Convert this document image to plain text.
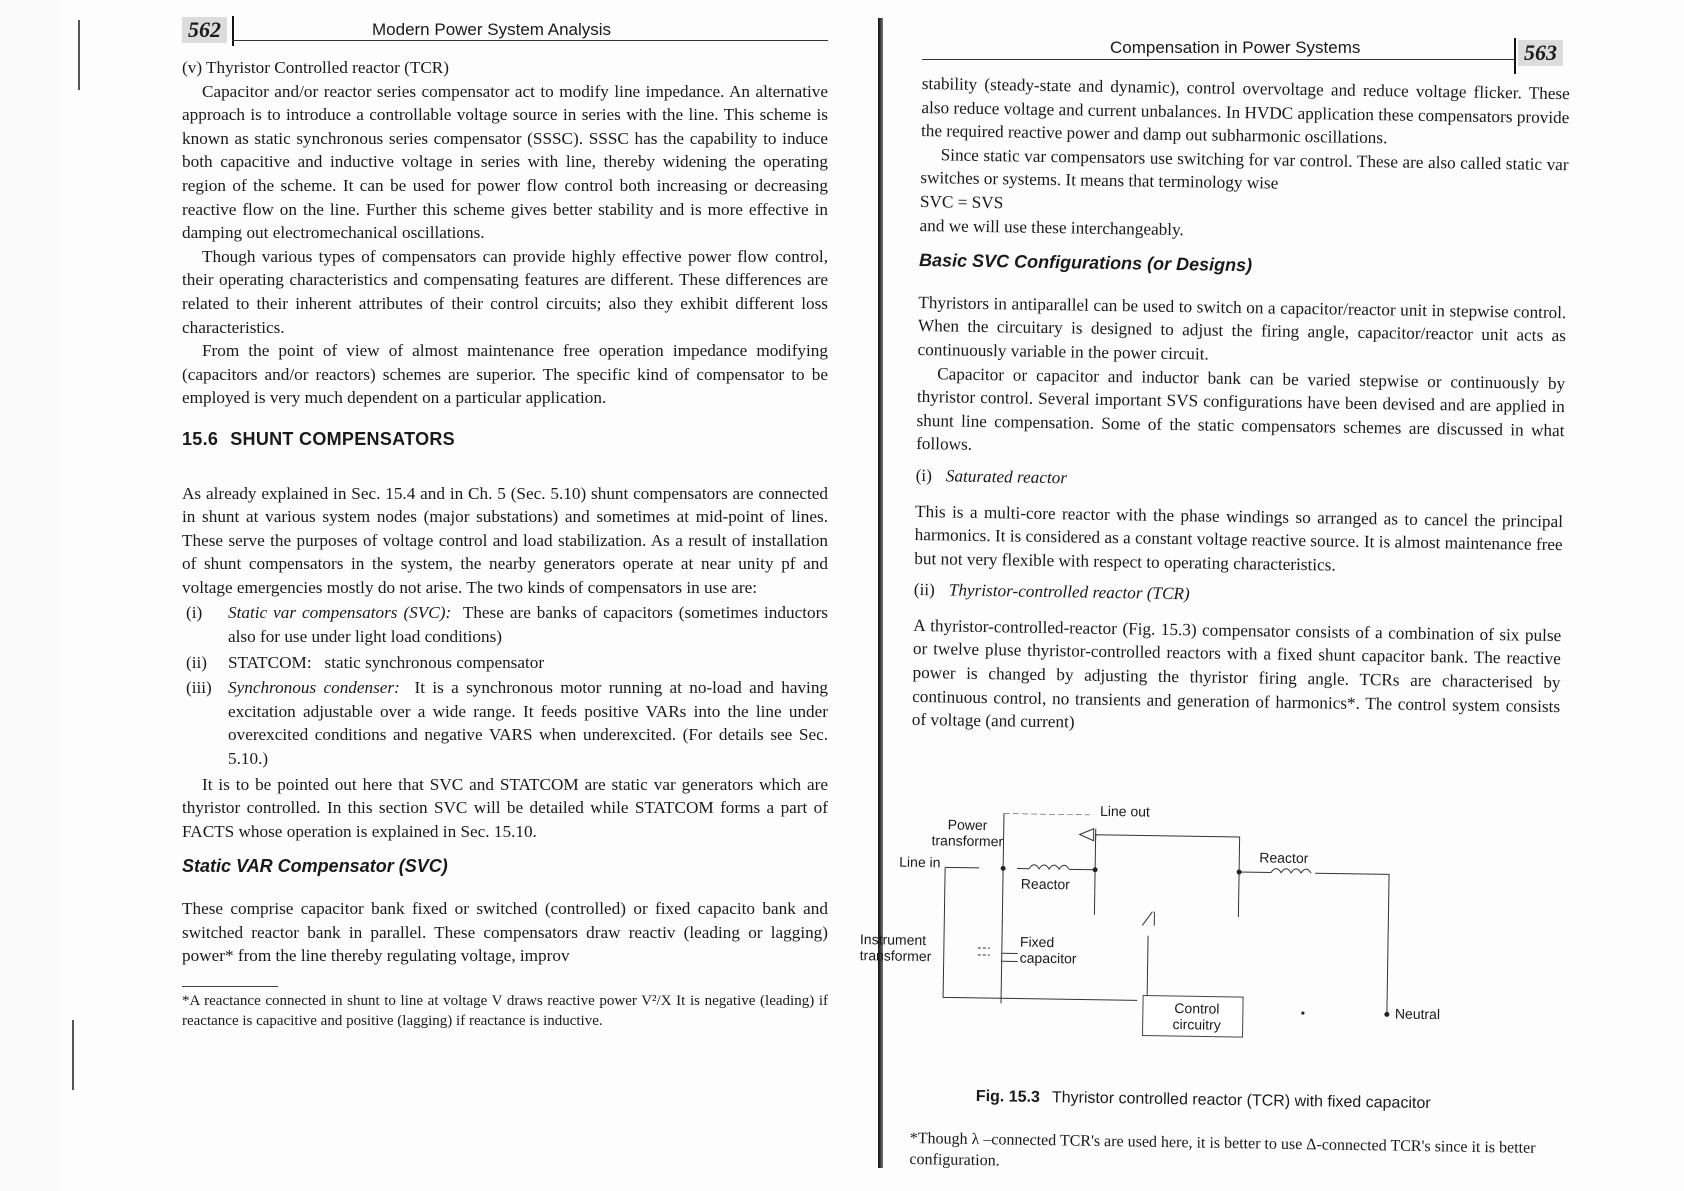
562	Modern Power System Analysis
Compensation in Power Systems	563

(v) Thyristor Controlled reactor (TCR)

Capacitor and/or reactor series compensator act to modify line impedance. An alternative approach is to introduce a controllable voltage source in series with the line. This scheme is known as static synchronous series compensator (SSSC). SSSC has the capability to induce both capacitive and inductive voltage in series with line, thereby widening the operating region of the scheme. It can be used for power flow control both increasing or decreasing reactive flow on the line. Further this scheme gives better stability and is more effective in damping out electromechanical oscillations.

Though various types of compensators can provide highly effective power flow control, their operating characteristics and compensating features are different. These differences are related to their inherent attributes of their control circuits; also they exhibit different loss characteristics.

From the point of view of almost maintenance free operation impedance modifying (capacitors and/or reactors) schemes are superior. The specific kind of compensator to be employed is very much dependent on a particular application.

15.6 SHUNT COMPENSATORS

As already explained in Sec. 15.4 and in Ch. 5 (Sec. 5.10) shunt compensators are connected in shunt at various system nodes (major substations) and sometimes at mid-point of lines. These serve the purposes of voltage control and load stabilization. As a result of installation of shunt compensators in the system, the nearby generators operate at near unity pf and voltage emergencies mostly do not arise. The two kinds of compensators in use are:

(i)	Static var compensators (SVC): These are banks of capacitors (sometimes inductors also for use under light load conditions)
(ii)	STATCOM: static synchronous compensator
(iii) Synchronous condenser: It is a synchronous motor running at no-load and having excitation adjustable over a wide range. It feeds positive VARs into the line under overexcited conditions and negative VARS when underexcited. (For details see Sec. 5.10.)

It is to be pointed out here that SVC and STATCOM are static var generators which are thyristor controlled. In this section SVC will be detailed while STATCOM forms a part of FACTS whose operation is explained in Sec. 15.10.

Static VAR Compensator (SVC)

These comprise capacitor bank fixed or switched (controlled) or fixed capacito bank and switched reactor bank in parallel. These compensators draw reactiv (leading or lagging) power* from the line thereby regulating voltage, improv

*A reactance connected in shunt to line at voltage V draws reactive power V²/X It is negative (leading) if reactance is capacitive and positive (lagging) if reactance is inductive.

stability (steady-state and dynamic), control overvoltage and reduce voltage flicker. These also reduce voltage and current unbalances. In HVDC application these compensators provide the required reactive power and damp out subharmonic oscillations.

Since static var compensators use switching for var control. These are also called static var switches or systems. It means that terminology wise

SVC = SVS

and we will use these interchangeably.

Basic SVC Configurations (or Designs)

Thyristors in antiparallel can be used to switch on a capacitor/reactor unit in stepwise control. When the circuitary is designed to adjust the firing angle, capacitor/reactor unit acts as continuously variable in the power circuit.

Capacitor or capacitor and inductor bank can be varied stepwise or continuously by thyristor control. Several important SVS configurations have been devised and are applied in shunt line compensation. Some of the static compensators schemes are discussed in what follows.

(i) Saturated reactor

This is a multi-core reactor with the phase windings so arranged as to cancel the principal harmonics. It is considered as a constant voltage reactive source. It is almost maintenance free but not very flexible with respect to operating characteristics.

(ii) Thyristor-controlled reactor (TCR)

A thyristor-controlled-reactor (Fig. 15.3) compensator consists of a combination of six pulse or twelve pluse thyristor-controlled reactors with a fixed shunt capacitor bank. The reactive power is changed by adjusting the thyristor firing angle. TCRs are characterised by continuous control, no transients and generation of harmonics*. The control system consists of voltage (and current)

Line out
Power
transformer
Line in
Reactor
Reactor
Instrument
transformer
Fixed
capacitor
Control
circuitry
Neutral
Fig. 15.3 Thyristor controlled reactor (TCR) with fixed capacitor

*Though λ –connected TCR's are used here, it is better to use Δ-connected TCR's since it is better configuration.
